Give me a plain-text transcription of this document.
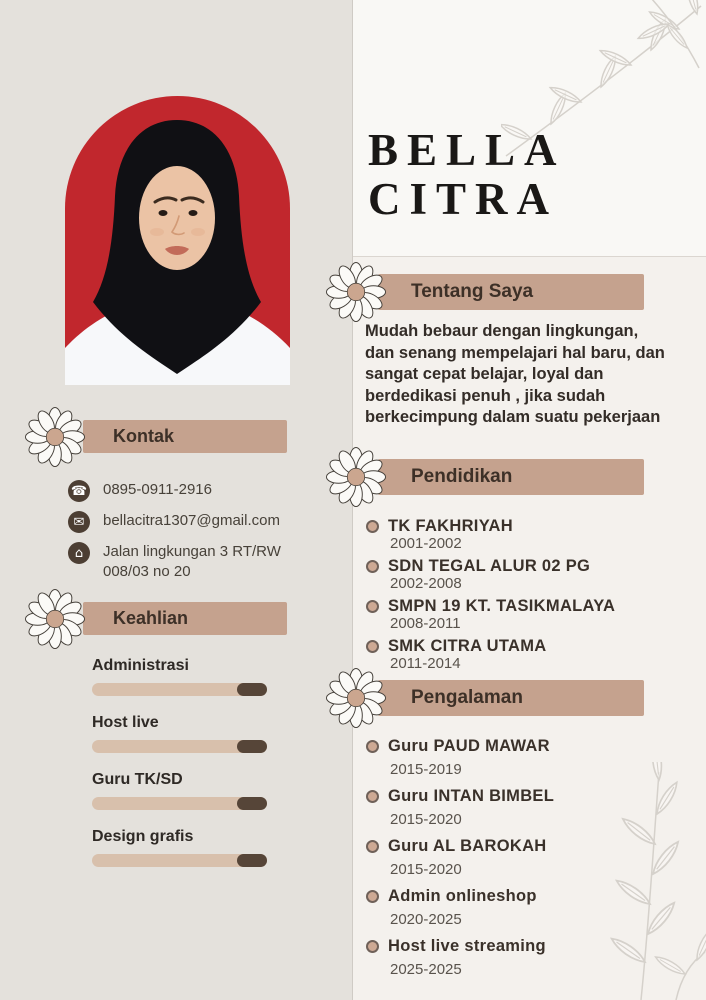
Kontak
☎ 0895-0911-2916
✉	bellacitra1307@gmail.com
⌂	Jalan lingkungan 3 RT/RW 008/03 no 20
Keahlian
Administrasi
Host live
Guru TK/SD
Design grafis
BELLA
CITRA
Tentang Saya

Mudah bebaur dengan lingkungan, dan senang mempelajari hal baru, dan sangat cepat belajar, loyal dan berdedikasi penuh , jika sudah berkecimpung dalam suatu pekerjaan

Pendidikan
TK FAKHRIYAH
2001-2002
SDN TEGAL ALUR 02 PG
2002-2008
SMPN 19 KT. TASIKMALAYA
2008-2011
SMK CITRA UTAMA
2011-2014
Pengalaman
Guru PAUD MAWAR
2015-2019
Guru INTAN BIMBEL
2015-2020
Guru AL BAROKAH
2015-2020
Admin onlineshop
2020-2025
Host live streaming
2025-2025
